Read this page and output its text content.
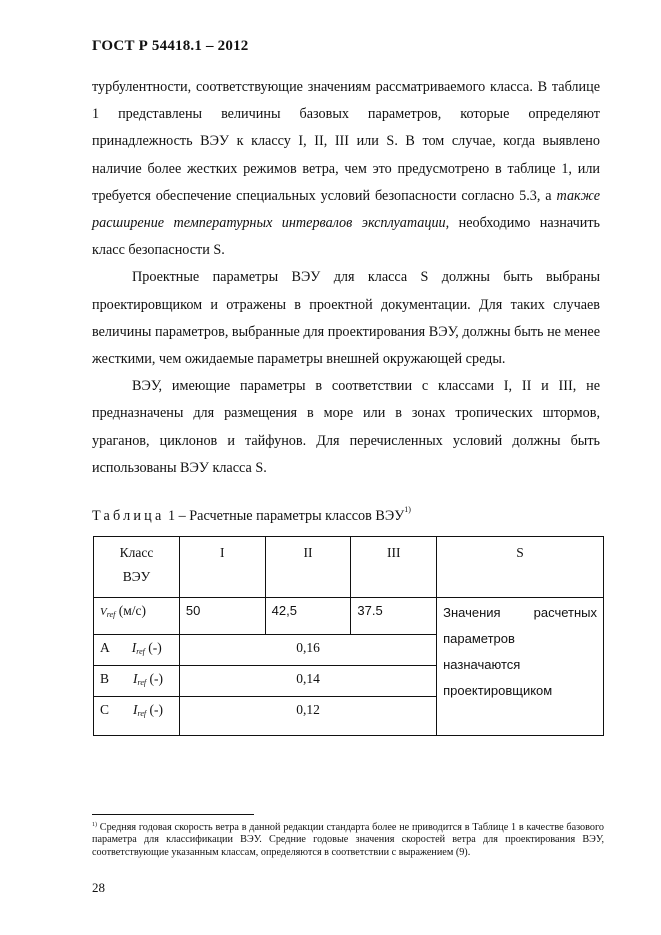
ГОСТ Р 54418.1 – 2012

турбулентности, соответствующие значениям рассматриваемого класса. В таблице 1 представлены величины базовых параметров, которые определяют принадлежность ВЭУ к классу I, II, III или S. В том случае, когда выявлено наличие более жестких режимов ветра, чем это предусмотрено в таблице 1, или требуется обеспечение специальных условий безопасности согласно 5.3, а также расширение температурных интервалов эксплуатации, необходимо назначить класс безопасности S.

Проектные параметры ВЭУ для класса S должны быть выбраны проектировщиком и отражены в проектной документации. Для таких случаев величины параметров, выбранные для проектирования ВЭУ, должны быть не менее жесткими, чем ожидаемые параметры внешней окружающей среды.

ВЭУ, имеющие параметры в соответствии с классами I, II и III, не предназначены для размещения в море или в зонах тропических штормов, ураганов, циклонов и тайфунов. Для перечисленных условий должны быть использованы ВЭУ класса S.

Таблица 1 – Расчетные параметры классов ВЭУ$^{1)}$
Класс
ВЭУ	I	II	III	S
$V_{ref}$ (м/с)	50	42,5	37.5	Значения расчетных
параметров
назначаются
проектировщиком

A $I_{ref}$ (-)	0,16			
B $I_{ref}$ (-)	0,14			
C $I_{ref}$ (-)	0,12			
$^{1)}$ Средняя годовая скорость ветра в данной редакции стандарта более не приводится в Таблице 1 в качестве базового параметра для классификации ВЭУ. Средние годовые значения скоростей ветра для проектирования ВЭУ, соответствующие указанным классам, определяются в соответствии с выражением (9).
28
